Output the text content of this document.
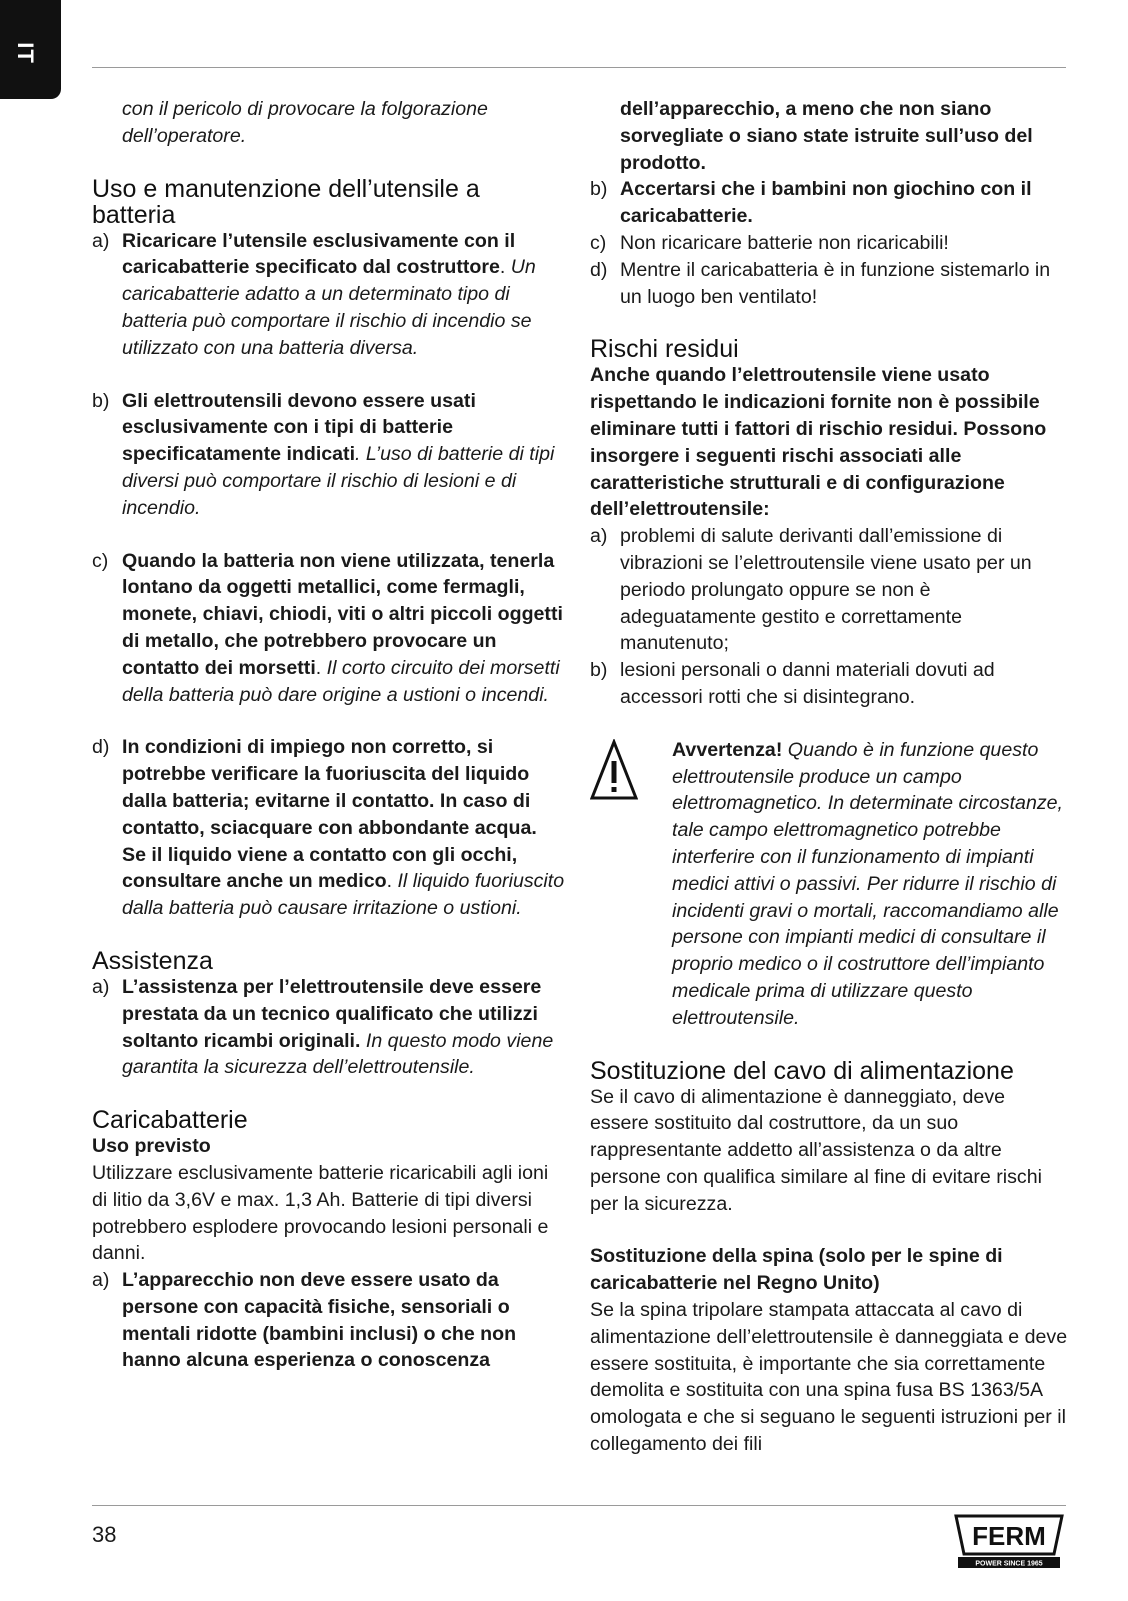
IT

con il pericolo di provocare la folgorazione dell’operatore.

Uso e manutenzione dell’utensile a batteria
a) Ricaricare l’utensile esclusivamente con il caricabatterie specificato dal costruttore. Un caricabatterie adatto a un determinato tipo di batteria può comportare il rischio di incendio se utilizzato con una batteria diversa.

b) Gli elettroutensili devono essere usati esclusivamente con i tipi di batterie specificatamente indicati. L’uso di batterie di tipi diversi può comportare il rischio di lesioni e di incendio.

c) Quando la batteria non viene utilizzata, tenerla lontano da oggetti metallici, come fermagli, monete, chiavi, chiodi, viti o altri piccoli oggetti di metallo, che potrebbero provocare un contatto dei morsetti. Il corto circuito dei morsetti della batteria può dare origine a ustioni o incendi.

d) In condizioni di impiego non corretto, si potrebbe verificare la fuoriuscita del liquido dalla batteria; evitarne il contatto. In caso di contatto, sciacquare con abbondante acqua. Se il liquido viene a contatto con gli occhi, consultare anche un medico. Il liquido fuoriuscito dalla batteria può causare irritazione o ustioni.

Assistenza
a) L’assistenza per l’elettroutensile deve essere prestata da un tecnico qualificato che utilizzi soltanto ricambi originali. In questo modo viene garantita la sicurezza dell’elettroutensile.

Caricabatterie

Uso previsto

Utilizzare esclusivamente batterie ricaricabili agli ioni di litio da 3,6V e max. 1,3 Ah. Batterie di tipi diversi potrebbero esplodere provocando lesioni personali e danni.

a) L’apparecchio non deve essere usato da persone con capacità fisiche, sensoriali o mentali ridotte (bambini inclusi) o che non hanno alcuna esperienza o conoscenza

dell’apparecchio, a meno che non siano sorvegliate o siano state istruite sull’uso del prodotto.

b) Accertarsi che i bambini non giochino con il caricabatterie.

c) Non ricaricare batterie non ricaricabili!

d) Mentre il caricabatteria è in funzione sistemarlo in un luogo ben ventilato!

Rischi residui

Anche quando l’elettroutensile viene usato rispettando le indicazioni fornite non è possibile eliminare tutti i fattori di rischio residui. Possono insorgere i seguenti rischi associati alle caratteristiche strutturali e di configurazione dell’elettroutensile:

a) problemi di salute derivanti dall’emissione di vibrazioni se l’elettroutensile viene usato per un periodo prolungato oppure se non è adeguatamente gestito e correttamente manutenuto;

b) lesioni personali o danni materiali dovuti ad accessori rotti che si disintegrano.

Avvertenza! Quando è in funzione questo elettroutensile produce un campo elettromagnetico. In determinate circostanze, tale campo elettromagnetico potrebbe interferire con il funzionamento di impianti medici attivi o passivi. Per ridurre il rischio di incidenti gravi o mortali, raccomandiamo alle persone con impianti medici di consultare il proprio medico o il costruttore dell’impianto medicale prima di utilizzare questo elettroutensile.

Sostituzione del cavo di alimentazione

Se il cavo di alimentazione è danneggiato, deve essere sostituito dal costruttore, da un suo rappresentante addetto all’assistenza o da altre persone con qualifica similare al fine di evitare rischi per la sicurezza.

Sostituzione della spina (solo per le spine di caricabatterie nel Regno Unito)

Se la spina tripolare stampata attaccata al cavo di alimentazione dell’elettroutensile è danneggiata e deve essere sostituita, è importante che sia correttamente demolita e sostituita con una spina fusa BS 1363/5A omologata e che si seguano le seguenti istruzioni per il collegamento dei fili

38	FERM
POWER SINCE 1965
